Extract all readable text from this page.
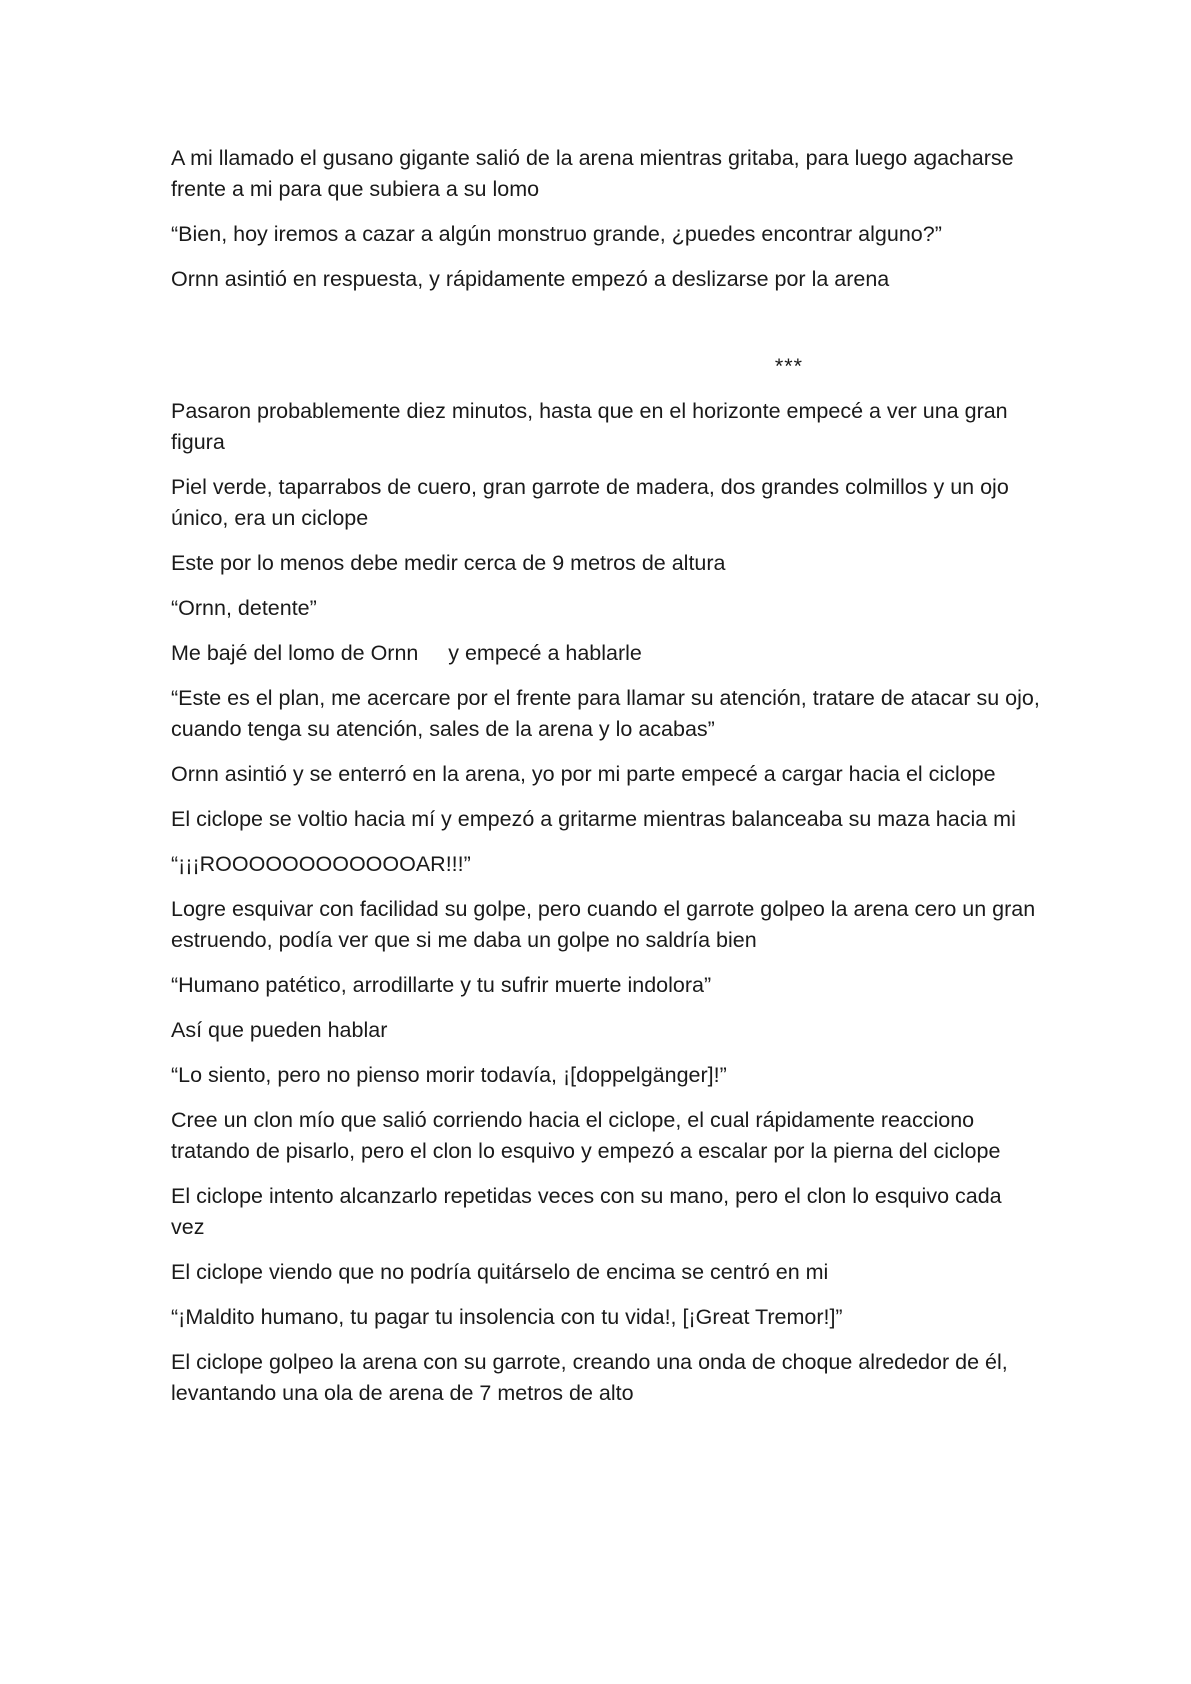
A mi llamado el gusano gigante salió de la arena mientras gritaba, para luego agacharse frente a mi para que subiera a su lomo

“Bien, hoy iremos a cazar a algún monstruo grande, ¿puedes encontrar alguno?”

Ornn asintió en respuesta, y rápidamente empezó a deslizarse por la arena

***

Pasaron probablemente diez minutos, hasta que en el horizonte empecé a ver una gran figura

Piel verde, taparrabos de cuero, gran garrote de madera, dos grandes colmillos y un ojo único, era un ciclope

Este por lo menos debe medir cerca de 9 metros de altura

“Ornn, detente”

Me bajé del lomo de Ornn     y empecé a hablarle

“Este es el plan, me acercare por el frente para llamar su atención, tratare de atacar su ojo, cuando tenga su atención, sales de la arena y lo acabas”

Ornn asintió y se enterró en la arena, yo por mi parte empecé a cargar hacia el ciclope

El ciclope se voltio hacia mí y empezó a gritarme mientras balanceaba su maza hacia mi

“¡¡¡ROOOOOOOOOOOOAR!!!”

Logre esquivar con facilidad su golpe, pero cuando el garrote golpeo la arena cero un gran estruendo, podía ver que si me daba un golpe no saldría bien

“Humano patético, arrodillarte y tu sufrir muerte indolora”

Así que pueden hablar

“Lo siento, pero no pienso morir todavía, ¡[doppelgänger]!”

Cree un clon mío que salió corriendo hacia el ciclope, el cual rápidamente reacciono tratando de pisarlo, pero el clon lo esquivo y empezó a escalar por la pierna del ciclope

El ciclope intento alcanzarlo repetidas veces con su mano, pero el clon lo esquivo cada vez

El ciclope viendo que no podría quitárselo de encima se centró en mi

“¡Maldito humano, tu pagar tu insolencia con tu vida!, [¡Great Tremor!]”

El ciclope golpeo la arena con su garrote, creando una onda de choque alrededor de él, levantando una ola de arena de 7 metros de alto
